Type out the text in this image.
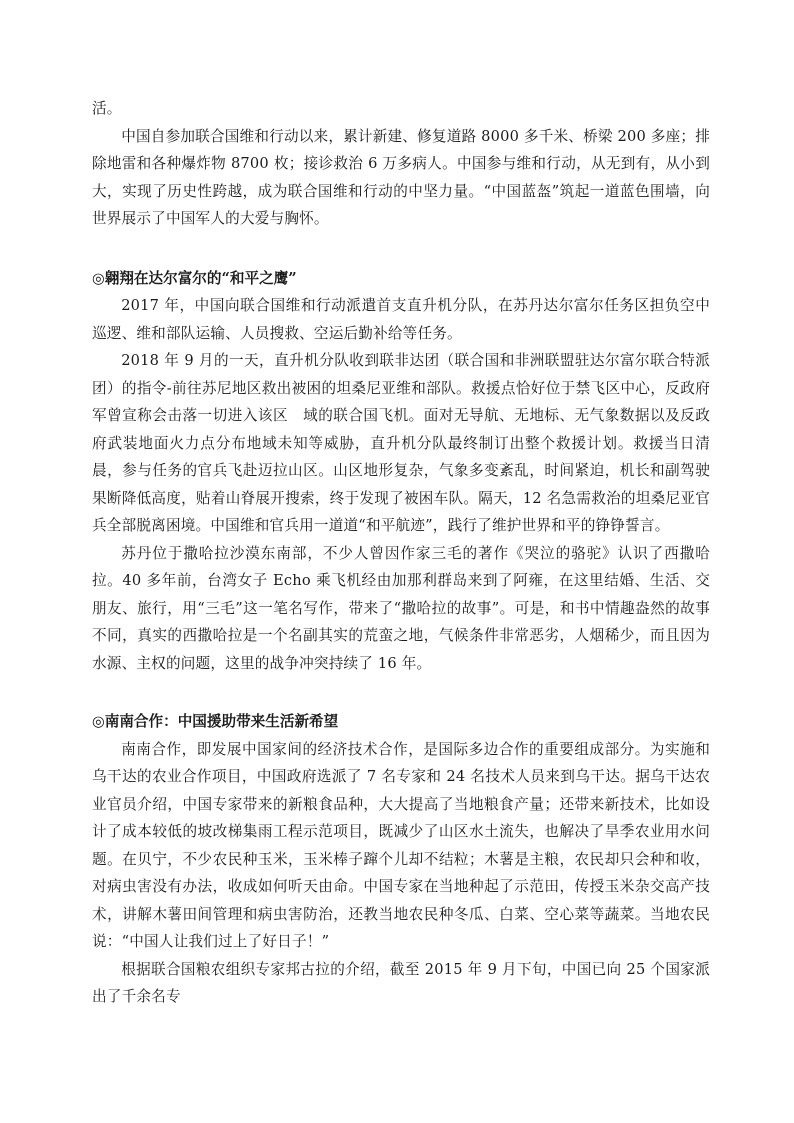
活。

中国自参加联合国维和行动以来，累计新建、修复道路 8000 多千米、桥梁 200 多座；排除地雷和各种爆炸物 8700 枚；接诊救治 6 万多病人。中国参与维和行动，从无到有，从小到大，实现了历史性跨越，成为联合国维和行动的中坚力量。“中国蓝盔”筑起一道蓝色围墙，向世界展示了中国军人的大爱与胸怀。

◎翱翔在达尔富尔的“和平之鹰”

2017 年，中国向联合国维和行动派遣首支直升机分队，在苏丹达尔富尔任务区担负空中巡逻、维和部队运输、人员搜救、空运后勤补给等任务。

2018 年 9 月的一天，直升机分队收到联非达团（联合国和非洲联盟驻达尔富尔联合特派团）的指令-前往苏尼地区救出被困的坦桑尼亚维和部队。救援点恰好位于禁飞区中心，反政府军曾宣称会击落一切进入该区　域的联合国飞机。面对无导航、无地标、无气象数据以及反政府武装地面火力点分布地域未知等威胁，直升机分队最终制订出整个救援计划。救援当日清晨，参与任务的官兵飞赴迈拉山区。山区地形复杂，气象多变紊乱，时间紧迫，机长和副驾驶果断降低高度，贴着山脊展开搜索，终于发现了被困车队。隔天，12 名急需救治的坦桑尼亚官兵全部脱离困境。中国维和官兵用一道道“和平航迹”，践行了维护世界和平的铮铮誓言。

苏丹位于撒哈拉沙漠东南部，不少人曾因作家三毛的著作《哭泣的骆驼》认识了西撒哈拉。40 多年前，台湾女子 Echo 乘飞机经由加那利群岛来到了阿雍，在这里结婚、生活、交朋友、旅行，用“三毛”这一笔名写作，带来了“撒哈拉的故事”。可是，和书中情趣盎然的故事不同，真实的西撒哈拉是一个名副其实的荒蛮之地，气候条件非常恶劣，人烟稀少，而且因为水源、主权的问题，这里的战争冲突持续了 16 年。

◎南南合作：中国援助带来生活新希望

南南合作，即发展中国家间的经济技术合作，是国际多边合作的重要组成部分。为实施和乌干达的农业合作项目，中国政府选派了 7 名专家和 24 名技术人员来到乌干达。据乌干达农业官员介绍，中国专家带来的新粮食品种，大大提高了当地粮食产量；还带来新技术，比如设计了成本较低的坡改梯集雨工程示范项目，既减少了山区水土流失，也解决了旱季农业用水问题。在贝宁，不少农民种玉米，玉米棒子蹿个儿却不结粒；木薯是主粮，农民却只会种和收，对病虫害没有办法，收成如何听天由命。中国专家在当地种起了示范田，传授玉米杂交高产技术，讲解木薯田间管理和病虫害防治，还教当地农民种冬瓜、白菜、空心菜等蔬菜。当地农民说：“中国人让我们过上了好日子！”

根据联合国粮农组织专家邦古拉的介绍，截至 2015 年 9 月下旬，中国已向 25 个国家派出了千余名专
